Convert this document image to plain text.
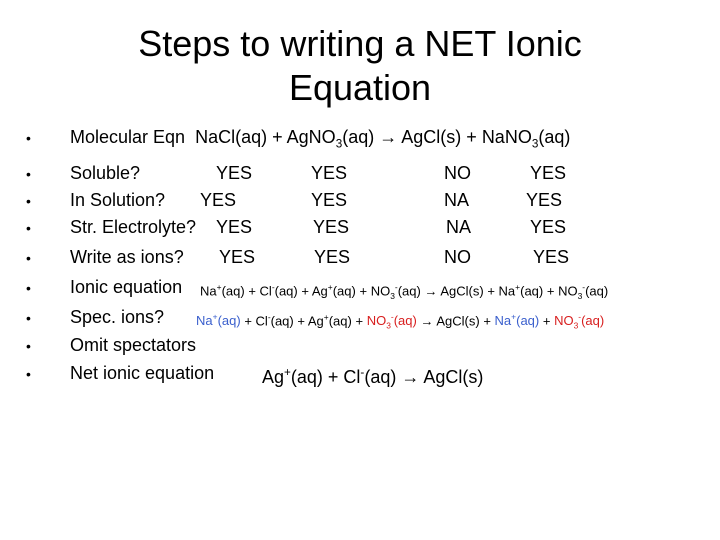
Steps to writing a NET Ionic
Equation
• Molecular Eqn NaCl(aq) + AgNO$_3$(aq) → AgCl(s) + NaNO$_3$(aq)
• Soluble?	YES	YES	NO	YES
• In Solution? YES	YES	NA	YES
• Str. Electrolyte? YES	YES	NA	YES
• Write as ions? YES	YES	NO	YES
• Ionic equation $Na^+(aq) + Cl^-(aq) + Ag^+(aq) + NO_3^-(aq)$ → AgCl(s) + $Na^+(aq) + NO_3^-(aq)$
• Spec. ions? $Na^+(aq) + Cl^-(aq) + Ag^+(aq) + NO_3^-(aq)$ → AgCl(s) + $Na^+(aq) + NO_3^-(aq)$
• Omit spectators
• Net ionic equation	Ag+(aq) + Cl-(aq) → AgCl(s)
